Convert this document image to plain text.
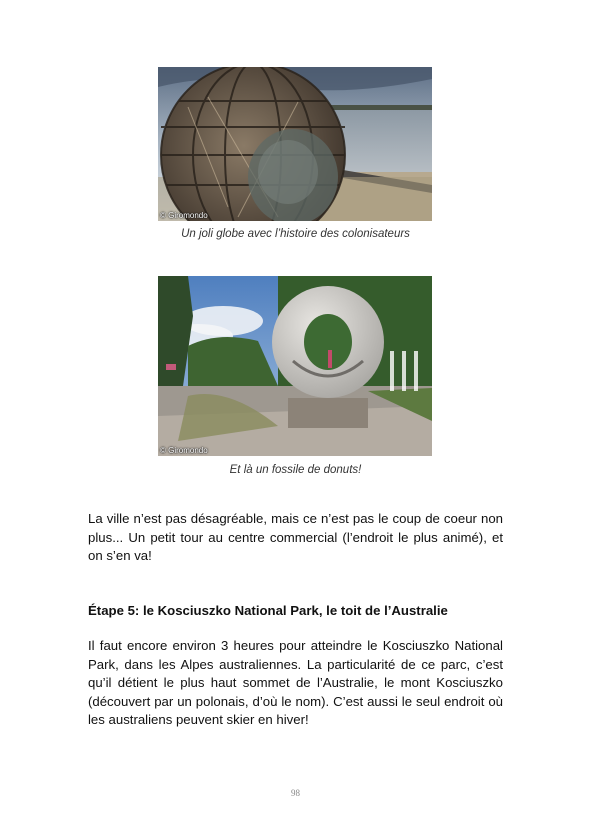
© Giromondo
Un joli globe avec l’histoire des colonisateurs
© Giromondo
Et là un fossile de donuts!

La ville n’est pas désagréable, mais ce n’est pas le coup de coeur non plus... Un petit tour au centre commercial (l’endroit le plus animé), et on s’en va!

Étape 5: le Kosciuszko National Park, le toit de l’Australie

Il faut encore environ 3 heures pour atteindre le Kosciuszko National Park, dans les Alpes australiennes. La particularité de ce parc, c’est qu’il détient le plus haut sommet de l’Australie, le mont Kosciuszko (découvert par un polonais, d’où le nom). C’est aussi le seul endroit où les australiens peuvent skier en hiver!

98
